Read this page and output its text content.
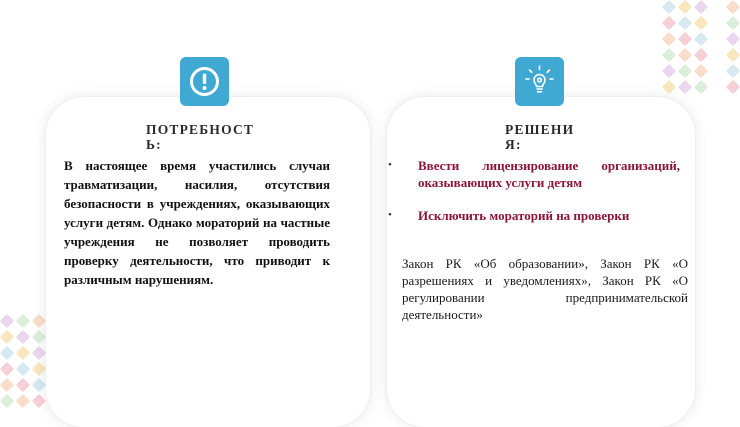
ПОТРЕБНОСТ
Ь:

В настоящее время участились случаи травматизации, насилия, отсутствия безопасности в учреждениях, оказывающих услуги детям. Однако мораторий на частные учреждения не позволяет проводить проверку деятельности, что приводит к различным нарушениям.

РЕШЕНИ
Я:
• Ввести лицензирование организаций, оказывающих услуги детям
• Исключить мораторий на проверки

Закон РК «Об образовании», Закон РК «О разрешениях и уведомлениях», Закон РК «О регулировании предпринимательской деятельности»
